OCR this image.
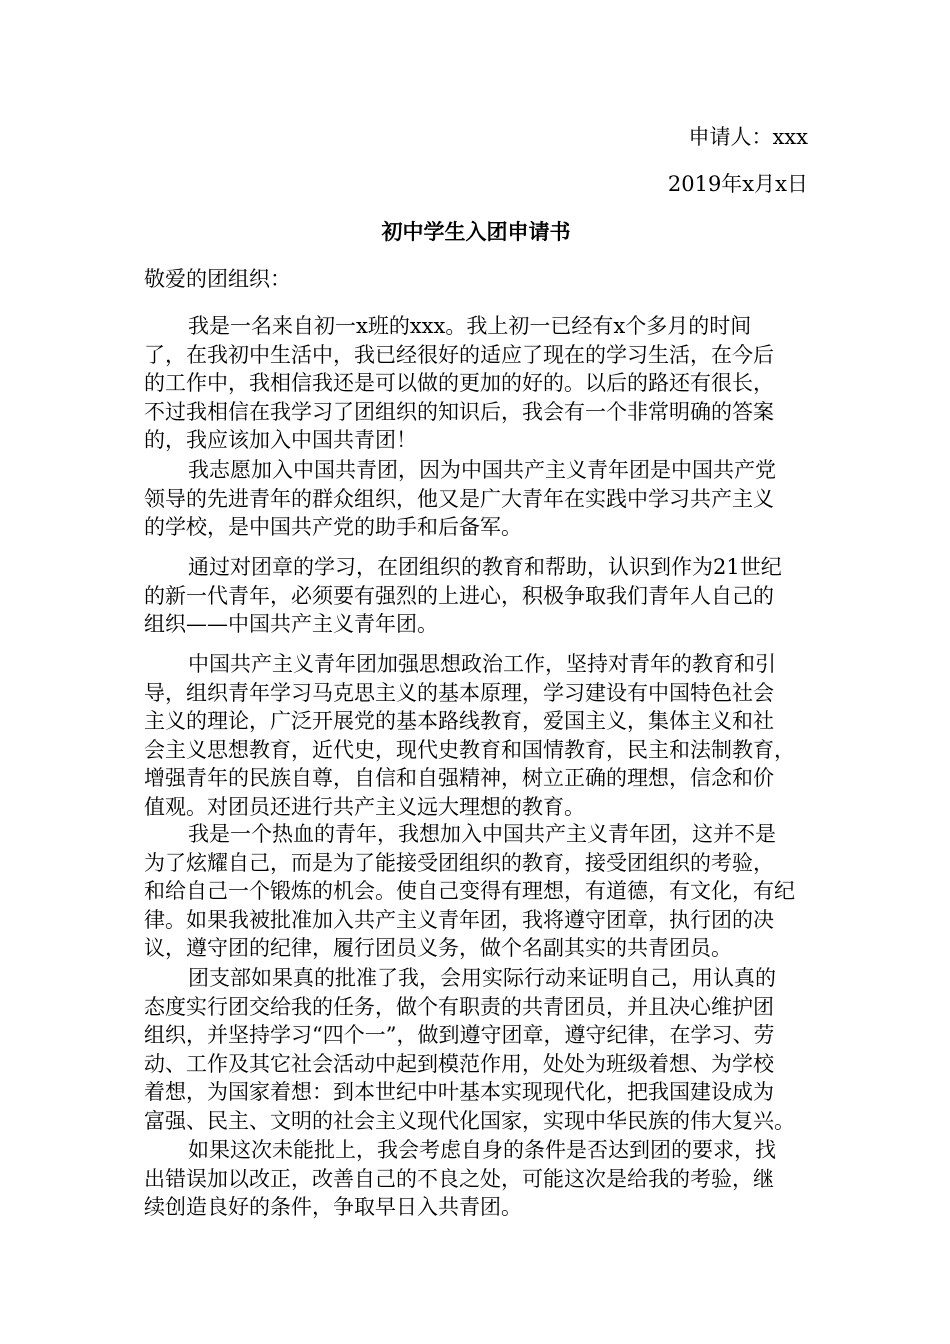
申请人：xxx
2019年x月x日
初中学生入团申请书
敬爱的团组织：
我是一名来自初一x班的xxx。我上初一已经有x个多月的时间
了，在我初中生活中，我已经很好的适应了现在的学习生活，在今后
的工作中，我相信我还是可以做的更加的好的。以后的路还有很长，
不过我相信在我学习了团组织的知识后，我会有一个非常明确的答案
的，我应该加入中国共青团！
我志愿加入中国共青团，因为中国共产主义青年团是中国共产党
领导的先进青年的群众组织，他又是广大青年在实践中学习共产主义
的学校，是中国共产党的助手和后备军。
通过对团章的学习，在团组织的教育和帮助，认识到作为21世纪
的新一代青年，必须要有强烈的上进心，积极争取我们青年人自己的
组织——中国共产主义青年团。
中国共产主义青年团加强思想政治工作，坚持对青年的教育和引
导，组织青年学习马克思主义的基本原理，学习建设有中国特色社会
主义的理论，广泛开展党的基本路线教育，爱国主义，集体主义和社
会主义思想教育，近代史，现代史教育和国情教育，民主和法制教育，
增强青年的民族自尊，自信和自强精神，树立正确的理想，信念和价
值观。对团员还进行共产主义远大理想的教育。
我是一个热血的青年，我想加入中国共产主义青年团，这并不是
为了炫耀自己，而是为了能接受团组织的教育，接受团组织的考验，
和给自己一个锻炼的机会。使自己变得有理想，有道德，有文化，有纪
律。如果我被批准加入共产主义青年团，我将遵守团章，执行团的决
议，遵守团的纪律，履行团员义务，做个名副其实的共青团员。
团支部如果真的批准了我，会用实际行动来证明自己，用认真的
态度实行团交给我的任务，做个有职责的共青团员，并且决心维护团
组织，并坚持学习“四个一”，做到遵守团章，遵守纪律，在学习、劳
动、工作及其它社会活动中起到模范作用，处处为班级着想、为学校
着想，为国家着想：到本世纪中叶基本实现现代化，把我国建设成为
富强、民主、文明的社会主义现代化国家，实现中华民族的伟大复兴。
如果这次未能批上，我会考虑自身的条件是否达到团的要求，找
出错误加以改正，改善自己的不良之处，可能这次是给我的考验，继
续创造良好的条件，争取早日入共青团。
